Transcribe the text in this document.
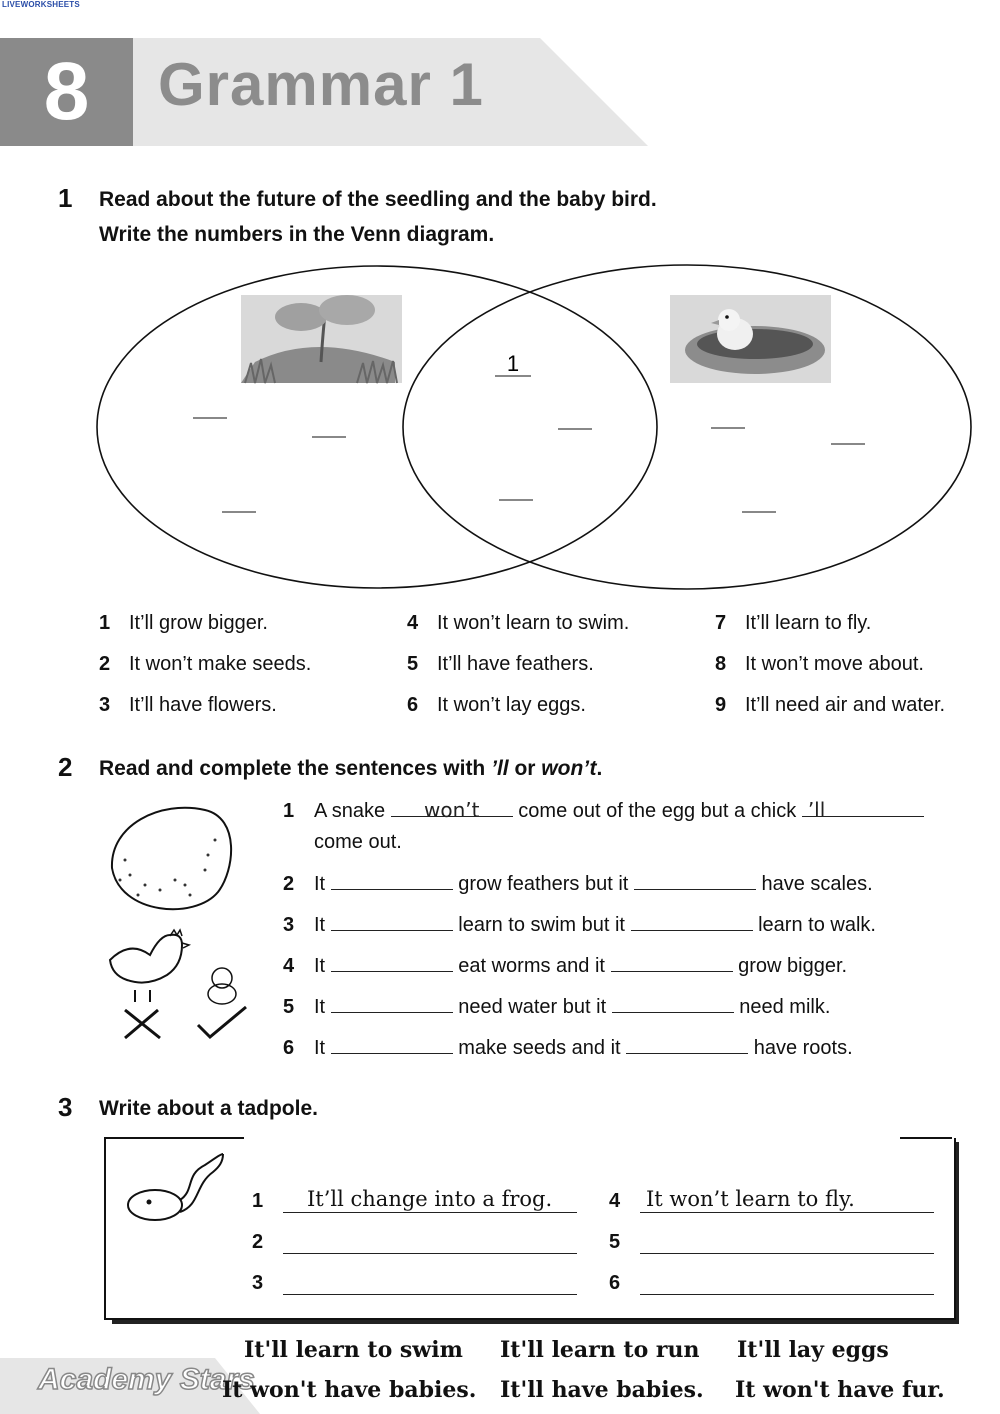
LIVEWORKSHEETS
8 Grammar 1
1 Read about the future of the seedling and the baby bird.
Write the numbers in the Venn diagram.
1
1 It’ll grow bigger.
2 It won’t make seeds.
3 It’ll have flowers.
4 It won’t learn to swim.
5 It’ll have feathers.
6 It won’t lay eggs.
7 It’ll learn to fly.
8 It won’t move about.
9 It’ll need air and water.
2 Read and complete the sentences with ’ll or won’t.
1 A snake won’t come out of the egg but a chick ’ll
come out.
2 It	grow feathers but it	have scales.
3 It	learn to swim but it	learn to walk.
4 It	eat worms and it	grow bigger.
5 It	need water but it	need milk.
6 It	make seeds and it	have roots.
3 Write about a tadpole.
1 It’ll change into a frog.
2
3
4 It won’t learn to fly.
5
6
Academy Stars
It'll learn to swim It'll learn to run It'll lay eggs
It won't have babies. It'll have babies. It won't have fur.
